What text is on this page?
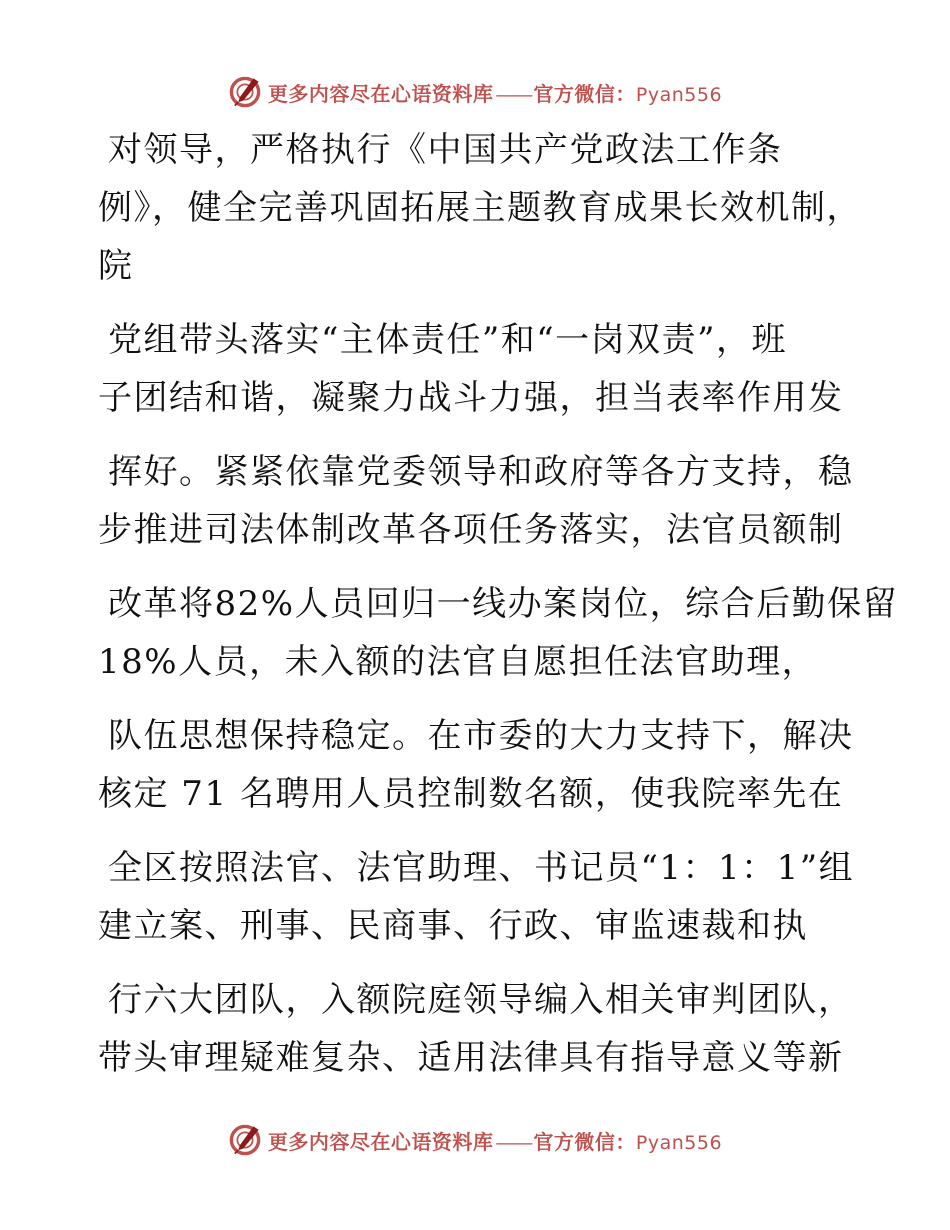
更多内容尽在心语资料库 —— 官方微信：Pyan556
对领导，严格执行《中国共产党政法工作条
例》，健全完善巩固拓展主题教育成果长效机制，
院
党组带头落实“主体责任”和“一岗双责”，班
子团结和谐，凝聚力战斗力强，担当表率作用发
挥好。紧紧依靠党委领导和政府等各方支持，稳
步推进司法体制改革各项任务落实，法官员额制
改革将82%人员回归一线办案岗位，综合后勤保留
18%人员，未入额的法官自愿担任法官助理，
队伍思想保持稳定。在市委的大力支持下，解决
核定 71 名聘用人员控制数名额，使我院率先在
全区按照法官、法官助理、书记员“1：1：1”组
建立案、刑事、民商事、行政、审监速裁和执
行六大团队，入额院庭领导编入相关审判团队，
带头审理疑难复杂、适用法律具有指导意义等新
更多内容尽在心语资料库 —— 官方微信：Pyan556
